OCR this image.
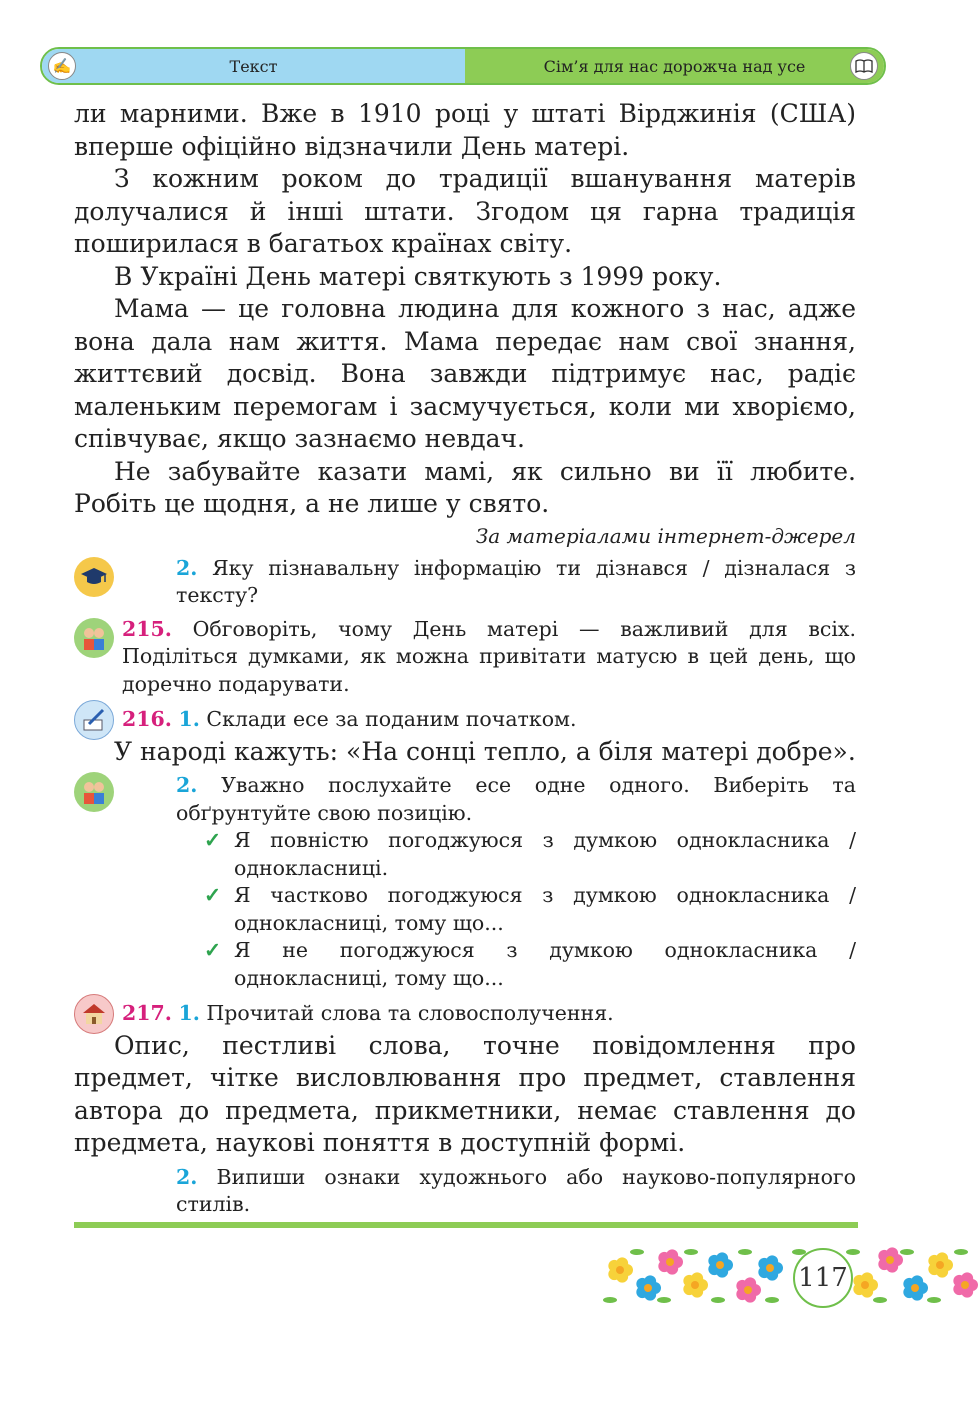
✍	Текст	Сім’я для нас дорожча над усе

ли марними. Вже в 1910 році у штаті Вірджинія (США) вперше офіційно відзначили День матері.

З кожним роком до традиції вшанування матерів долучалися й інші штати. Згодом ця гарна традиція поширилася в багатьох країнах світу.

В Україні День матері святкують з 1999 року.

Мама — це головна людина для кожного з нас, адже вона дала нам життя. Мама передає нам свої знання, життєвий досвід. Вона завжди підтримує нас, радіє маленьким перемогам і засмучується, коли ми хворіємо, співчуває, якщо зазнаємо невдач.

Не забувайте казати мамі, як сильно ви її любите. Робіть це щодня, а не лише у свято.

За матеріалами інтернет-джерел

2. Яку пізнавальну інформацію ти дізнався / дізналася з тексту?
215. Обговоріть, чому День матері — важливий для всіх. Поділіться думками, як можна привітати матусю в цей день, що доречно подарувати.
216. 1. Склади есе за поданим початком.

У народі кажуть: «На сонці тепло, а біля матері добре».

2. Уважно послухайте есе одне одного. Виберіть та обґрунтуйте свою позицію.
✓ Я повністю погоджуюся з думкою однокласника / однокласниці.
✓ Я частково погоджуюся з думкою однокласника / однокласниці, тому що...
✓ Я не погоджуюся з думкою однокласника / однокласниці, тому що...
217. 1. Прочитай слова та словосполучення.

Опис, пестливі слова, точне повідомлення про предмет, чітке висловлювання про предмет, ставлення автора до предмета, прикметники, немає ставлення до предмета, наукові поняття в доступній формі.

2. Випиши ознаки художнього або науково-популярного стилів.
117
